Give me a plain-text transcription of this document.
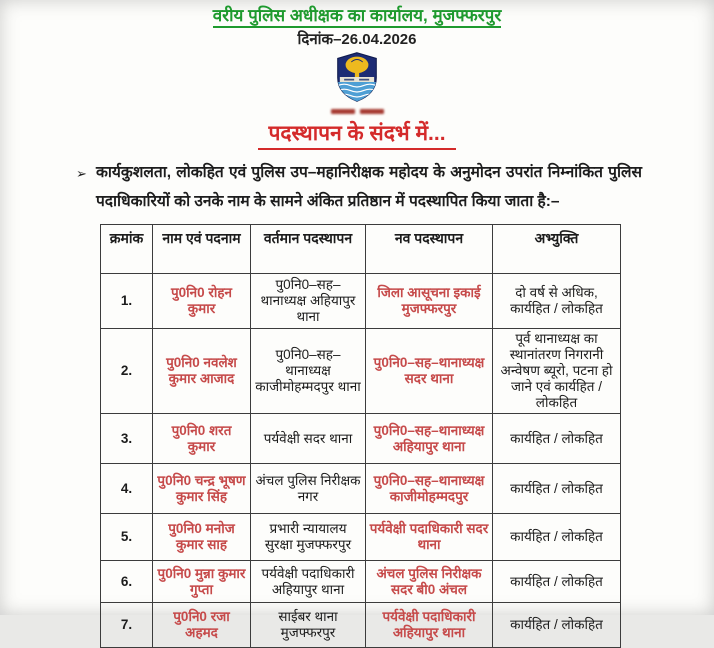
वरीय पुलिस अधीक्षक का कार्यालय, मुजफ्फरपुर
दिनांक–26.04.2026
पदस्थापन के संदर्भ में...
➢ कार्यकुशलता, लोकहित एवं पुलिस उप–महानिरीक्षक महोदय के अनुमोदन उपरांत निम्नांकित पुलिस पदाधिकारियों को उनके नाम के सामने अंकित प्रतिष्ठान में पदस्थापित किया जाता है:–
क्रमांक	नाम एवं पदनाम	वर्तमान पदस्थापन	नव पदस्थापन	अभ्युक्ति
1.	पु0नि0 रोहन कुमार	पु0नि0–सह–थानाध्यक्ष अहियापुर थाना	जिला आसूचना इकाई मुजफ्फरपुर	दो वर्ष से अधिक, कार्यहित / लोकहित
2.	पु0नि0 नवलेश कुमार आजाद	पु0नि0–सह–थानाध्यक्ष काजीमोहम्मदपुर थाना	पु0नि0–सह–थानाध्यक्ष सदर थाना	पूर्व थानाध्यक्ष का स्थानांतरण निगरानी अन्वेषण ब्यूरो, पटना हो जाने एवं कार्यहित / लोकहित
3.	पु0नि0 शरत कुमार	पर्यवेक्षी सदर थाना	पु0नि0–सह–थानाध्यक्ष अहियापुर थाना	कार्यहित / लोकहित
4.	पु0नि0 चन्द्र भूषण कुमार सिंह	अंचल पुलिस निरीक्षक नगर	पु0नि0–सह–थानाध्यक्ष काजीमोहम्मदपुर	कार्यहित / लोकहित
5.	पु0नि0 मनोज कुमार साह	प्रभारी न्यायालय सुरक्षा मुजफ्फरपुर	पर्यवेक्षी पदाधिकारी सदर थाना	कार्यहित / लोकहित
6.	पु0नि0 मुन्ना कुमार गुप्ता	पर्यवेक्षी पदाधिकारी अहियापुर थाना	अंचल पुलिस निरीक्षक सदर बी0 अंचल	कार्यहित / लोकहित
7.	पु0नि0 रजा अहमद	साईबर थाना मुजफ्फरपुर	पर्यवेक्षी पदाधिकारी अहियापुर थाना	कार्यहित / लोकहित
